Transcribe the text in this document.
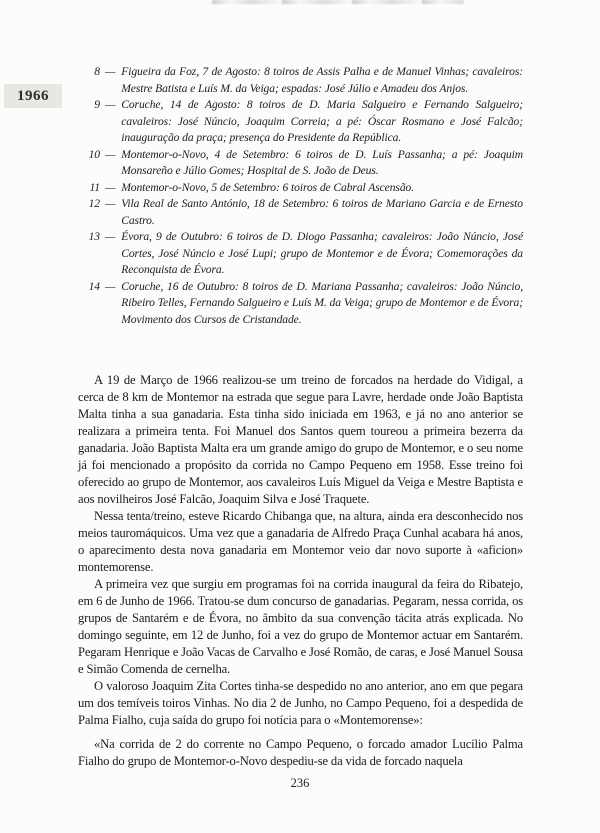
1966
8 — Figueira da Foz, 7 de Agosto: 8 toiros de Assis Palha e de Manuel Vinhas; cavaleiros: Mestre Batista e Luís M. da Veiga; espadas: José Júlio e Amadeu dos Anjos.
9 — Coruche, 14 de Agosto: 8 toiros de D. Maria Salgueiro e Fernando Salgueiro; cavaleiros: José Núncio, Joaquim Correia; a pé: Óscar Rosmano e José Falcão; inauguração da praça; presença do Presidente da República.
10 — Montemor-o-Novo, 4 de Setembro: 6 toiros de D. Luís Passanha; a pé: Joaquim Monsareño e Júlio Gomes; Hospital de S. João de Deus.
11 — Montemor-o-Novo, 5 de Setembro: 6 toiros de Cabral Ascensão.
12 — Vila Real de Santo António, 18 de Setembro: 6 toiros de Mariano Garcia e de Ernesto Castro.
13 — Évora, 9 de Outubro: 6 toiros de D. Diogo Passanha; cavaleiros: João Núncio, José Cortes, José Núncio e José Lupi; grupo de Montemor e de Évora; Comemorações da Reconquista de Évora.
14 — Coruche, 16 de Outubro: 8 toiros de D. Mariana Passanha; cavaleiros: João Núncio, Ribeiro Telles, Fernando Salgueiro e Luís M. da Veiga; grupo de Montemor e de Évora; Movimento dos Cursos de Cristandade.

A 19 de Março de 1966 realizou-se um treino de forcados na herdade do Vidigal, a cerca de 8 km de Montemor na estrada que segue para Lavre, herdade onde João Baptista Malta tinha a sua ganadaria. Esta tinha sido iniciada em 1963, e já no ano anterior se realizara a primeira tenta. Foi Manuel dos Santos quem toureou a primeira bezerra da ganadaria. João Baptista Malta era um grande amigo do grupo de Montemor, e o seu nome já foi mencionado a propósito da corrida no Campo Pequeno em 1958. Esse treino foi oferecido ao grupo de Montemor, aos cavaleiros Luís Miguel da Veiga e Mestre Baptista e aos novilheiros José Falcão, Joaquim Silva e José Traquete.

Nessa tenta/treino, esteve Ricardo Chibanga que, na altura, ainda era desconhecido nos meios tauromáquicos. Uma vez que a ganadaria de Alfredo Praça Cunhal acabara há anos, o aparecimento desta nova ganadaria em Montemor veio dar novo suporte à «aficion» montemorense.

A primeira vez que surgiu em programas foi na corrida inaugural da feira do Ribatejo, em 6 de Junho de 1966. Tratou-se dum concurso de ganadarias. Pegaram, nessa corrida, os grupos de Santarém e de Évora, no âmbito da sua convenção tácita atrás explicada. No domingo seguinte, em 12 de Junho, foi a vez do grupo de Montemor actuar em Santarém. Pegaram Henrique e João Vacas de Carvalho e José Romão, de caras, e José Manuel Sousa e Simão Comenda de cernelha.

O valoroso Joaquim Zita Cortes tinha-se despedido no ano anterior, ano em que pegara um dos temíveis toiros Vinhas. No dia 2 de Junho, no Campo Pequeno, foi a despedida de Palma Fialho, cuja saída do grupo foi notícia para o «Montemorense»:

«Na corrida de 2 do corrente no Campo Pequeno, o forcado amador Lucílio Palma Fialho do grupo de Montemor-o-Novo despediu-se da vida de forcado naquela

236
